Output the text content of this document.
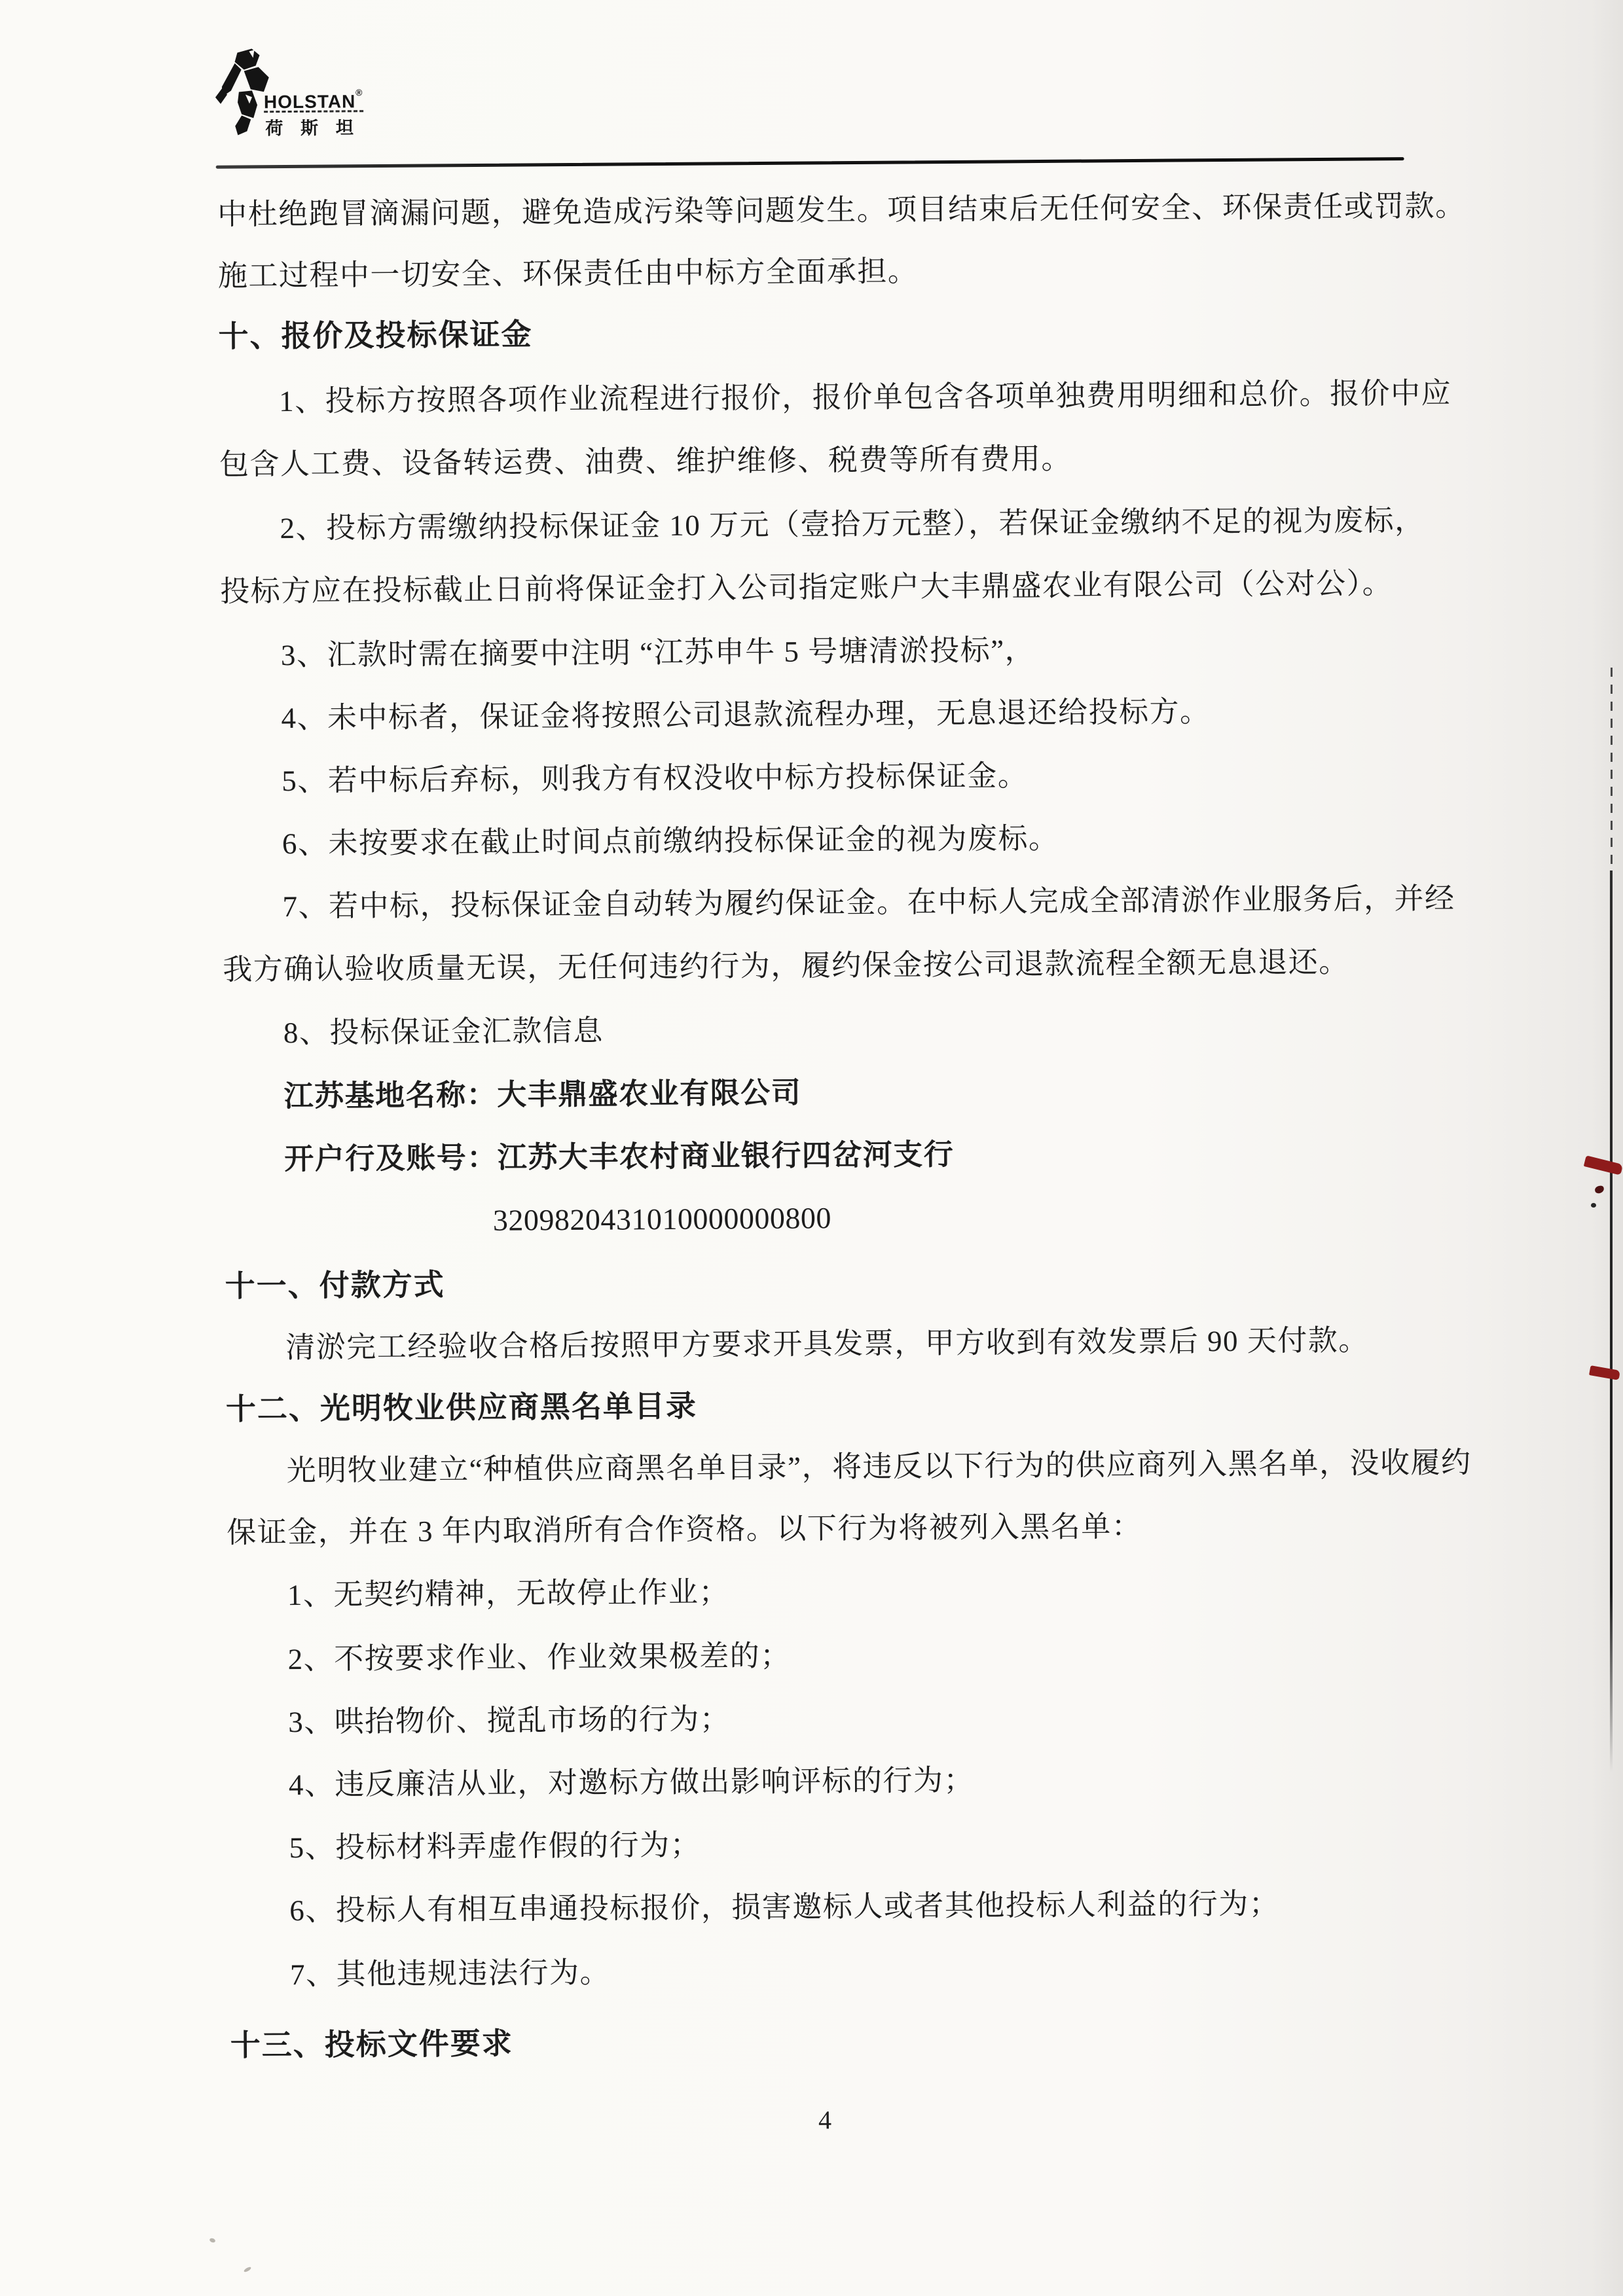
HOLSTAN®
荷 斯 坦
中杜绝跑冒滴漏问题，避免造成污染等问题发生。项目结束后无任何安全、环保责任或罚款。
施工过程中一切安全、环保责任由中标方全面承担。
十、报价及投标保证金
1、投标方按照各项作业流程进行报价，报价单包含各项单独费用明细和总价。报价中应
包含人工费、设备转运费、油费、维护维修、税费等所有费用。
2、投标方需缴纳投标保证金 10 万元（壹拾万元整），若保证金缴纳不足的视为废标，
投标方应在投标截止日前将保证金打入公司指定账户大丰鼎盛农业有限公司（公对公）。
3、汇款时需在摘要中注明 “江苏申牛 5 号塘清淤投标”，
4、未中标者，保证金将按照公司退款流程办理，无息退还给投标方。
5、若中标后弃标，则我方有权没收中标方投标保证金。
6、未按要求在截止时间点前缴纳投标保证金的视为废标。
7、若中标，投标保证金自动转为履约保证金。在中标人完成全部清淤作业服务后，并经
我方确认验收质量无误，无任何违约行为，履约保金按公司退款流程全额无息退还。
8、投标保证金汇款信息
江苏基地名称：大丰鼎盛农业有限公司
开户行及账号：江苏大丰农村商业银行四岔河支行
3209820431010000000800
十一、付款方式
清淤完工经验收合格后按照甲方要求开具发票，甲方收到有效发票后 90 天付款。
十二、光明牧业供应商黑名单目录
光明牧业建立“种植供应商黑名单目录”，将违反以下行为的供应商列入黑名单，没收履约
保证金，并在 3 年内取消所有合作资格。以下行为将被列入黑名单：
1、无契约精神，无故停止作业；
2、不按要求作业、作业效果极差的；
3、哄抬物价、搅乱市场的行为；
4、违反廉洁从业，对邀标方做出影响评标的行为；
5、投标材料弄虚作假的行为；
6、投标人有相互串通投标报价，损害邀标人或者其他投标人利益的行为；
7、其他违规违法行为。
十三、投标文件要求
4
